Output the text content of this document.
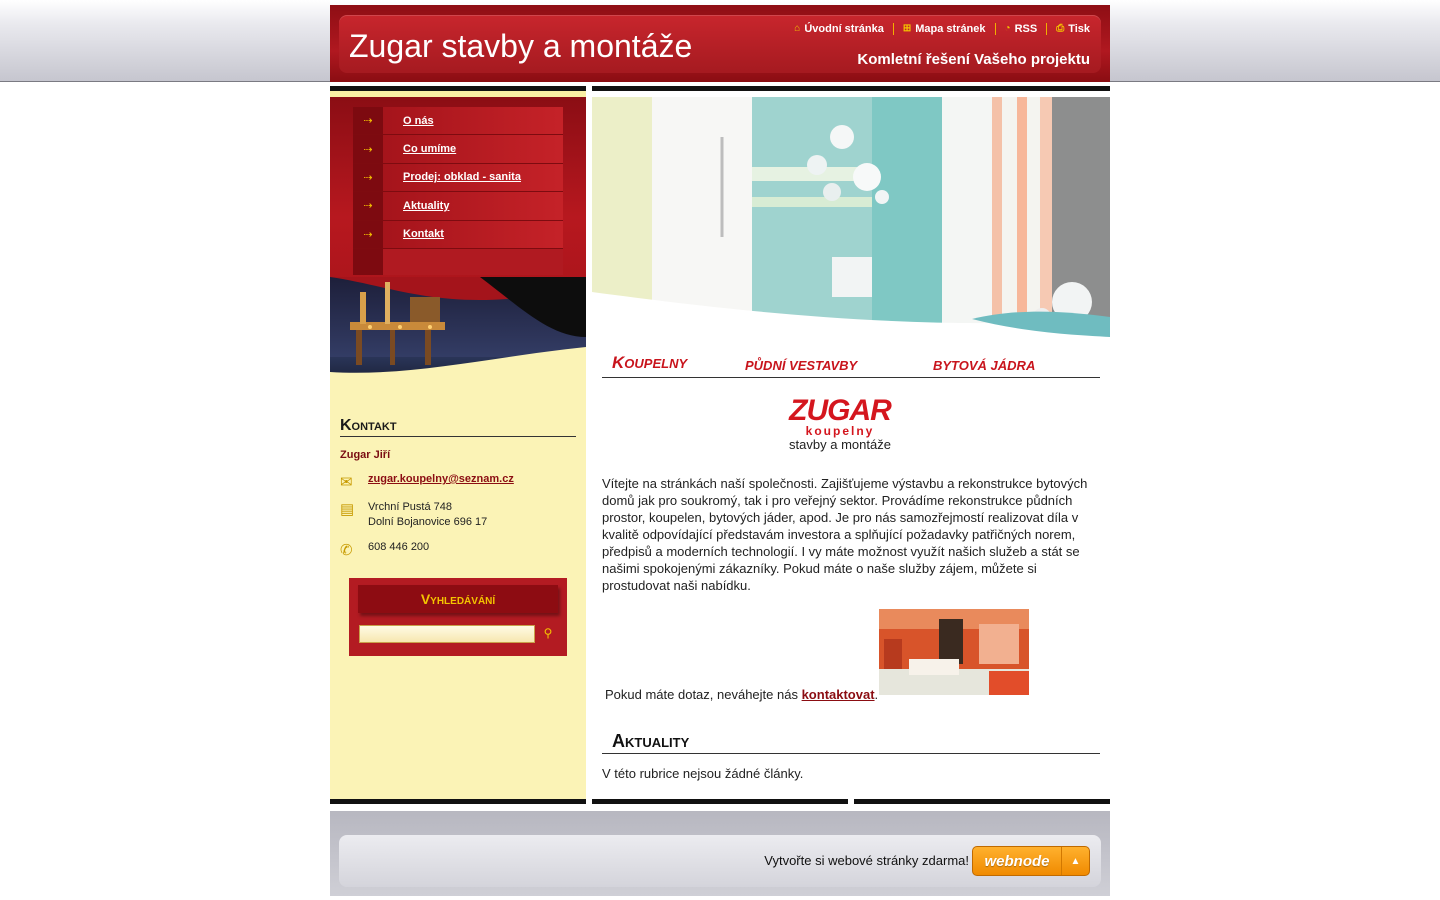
Zugar stavby a montáže	⌂ Úvodní stránka ⊞ Mapa stránek ◔ RSS ⎙ Tisk
Komletní řešení Vašeho projektu
⇢	O nás
⇢	Co umíme
⇢	Prodej: obklad - sanita
⇢	Aktuality
⇢	Kontakt
Kontakt
Zugar Jiří
✉	zugar.koupelny@seznam.cz
▤	Vrchní Pustá 748
Dolní Bojanovice 696 17
✆	608 446 200
Vyhledávání
⚲
KOUPELNY	PŮDNÍ VESTAVBY	BYTOVÁ JÁDRA
ZUGAR
koupelny
stavby a montáže

Vítejte na stránkách naší společnosti. Zajišťujeme výstavbu a rekonstrukce bytových domů jak pro soukromý, tak i pro veřejný sektor. Provádíme rekonstrukce půdních prostor, koupelen, bytových jáder, apod. Je pro nás samozřejmostí realizovat díla v kvalitě odpovídající představám investora a splňující požadavky patřičných norem, předpisů a moderních technologií. I vy máte možnost využít našich služeb a stát se našimi spokojenými zákazníky. Pokud máte o naše služby zájem, můžete si prostudovat naši nabídku.

Pokud máte dotaz, neváhejte nás kontaktovat.

Aktuality

V této rubrice nejsou žádné články.

Vytvořte si webové stránky zdarma!	webnode	▲
